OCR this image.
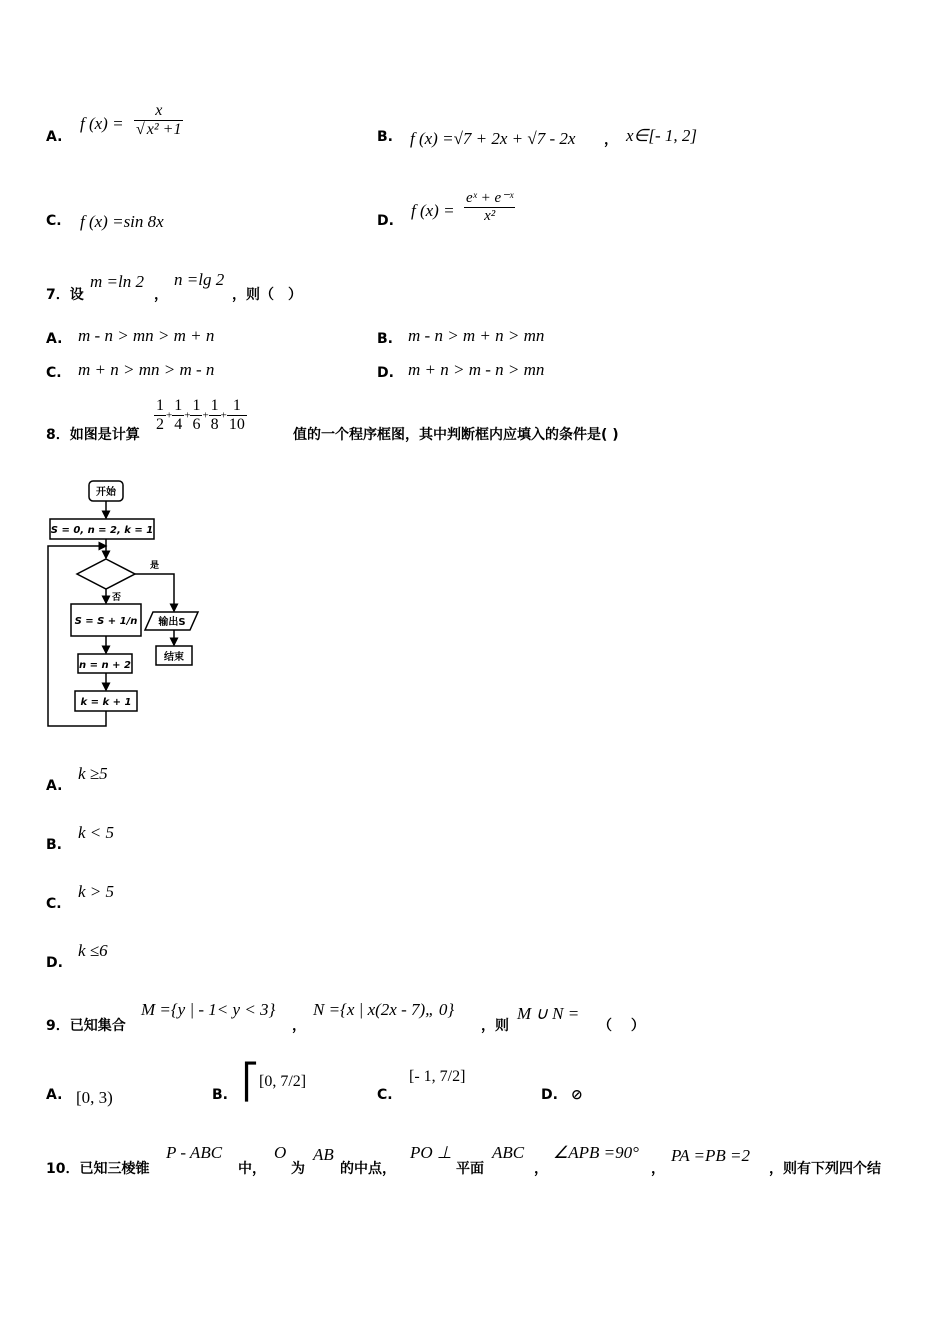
A.
f $(x) = \frac{x}{\text{√ x² +1}}$	B. f (x) =√7 + 2x + √7 - 2x ， x∈[- 1, 2]
C. f (x) =sin 8x	D.
f $(x) = \frac{\text{eˣ + e⁻ˣ}}{\text{x²}}$
7．设
m =ln 2
，
n =lg 2
，则（　）
A. m - n > mn > m + n	B. m - n > m + n > mn
C. m + n > mn > m - n	D. m + n > m - n > mn
8．如图是计算
$\frac{1}{2} + \frac{1}{4} + \frac{1}{6} + \frac{1}{8} + \frac{1}{10}$
值的一个程序框图，其中判断框内应填入的条件是( )
开始
S = 0, n = 2, k = 1
是
否
S = S + 1/n 输出S
结束
n = n + 2
k = k + 1
A.
k ≥5
B.
k < 5
C.
k > 5
D.
k ≤6
9．已知集合
M ={y | - 1< y < 3}
，
N ={x | x(2x - 7)„ 0}
，则
M ∪ N =
（　 ）
A. [0, 3)	B. ⎡[0, 7/2]
C.
[- 1, 7/2]
D. ⊘
10．已知三棱锥
P - ABC
中，
O
为
AB
的中点，
PO ⊥
平面
ABC
，
∠APB =90°
，
PA =PB =2
，则有下列四个结
